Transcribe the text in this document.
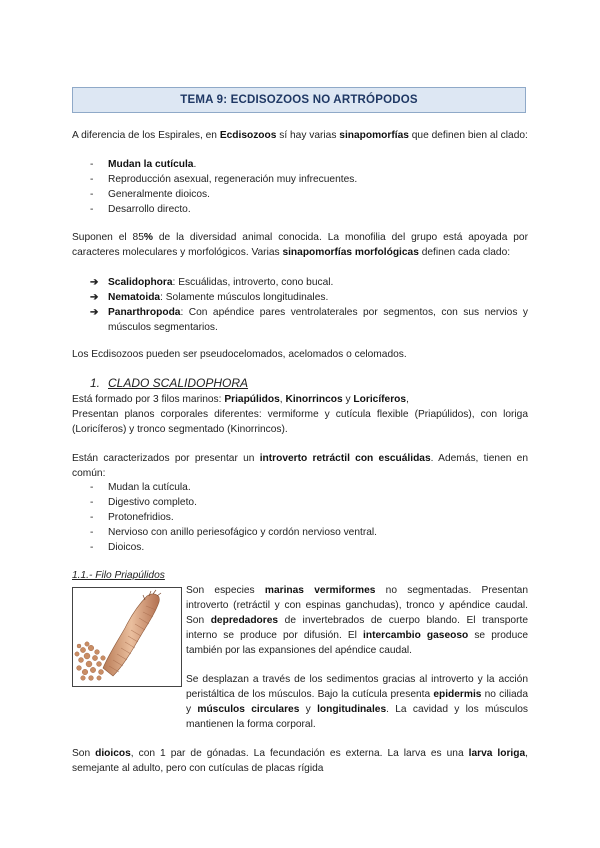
TEMA 9: ECDISOZOOS NO ARTRÓPODOS
A diferencia de los Espirales, en Ecdisozoos sí hay varias sinapomorfías que definen bien al clado:
- Mudan la cutícula.
- Reproducción asexual, regeneración muy infrecuentes.
- Generalmente dioicos.
- Desarrollo directo.
Suponen el 85% de la diversidad animal conocida. La monofilia del grupo está apoyada por caracteres moleculares y morfológicos. Varias sinapomorfías morfológicas definen cada clado:
➔ Scalidophora: Escuálidas, introverto, cono bucal.
➔ Nematoida: Solamente músculos longitudinales.
➔ Panarthropoda: Con apéndice pares ventrolaterales por segmentos, con sus nervios y músculos segmentarios.
Los Ecdisozoos pueden ser pseudocelomados, acelomados o celomados.
1. CLADO SCALIDOPHORA
Está formado por 3 filos marinos: Priapúlidos, Kinorrincos y Loricíferos,
Presentan planos corporales diferentes: vermiforme y cutícula flexible (Priapúlidos), con loriga (Loricíferos) y tronco segmentado (Kinorrincos).
Están caracterizados por presentar un introverto retráctil con escuálidas. Además, tienen en común:
- Mudan la cutícula.
- Digestivo completo.
- Protonefridios.
- Nervioso con anillo periesofágico y cordón nervioso ventral.
- Dioicos.
1.1.- Filo Priapúlidos
Son especies marinas vermiformes no segmentadas. Presentan introverto (retráctil y con espinas ganchudas), tronco y apéndice caudal. Son depredadores de invertebrados de cuerpo blando. El transporte interno se produce por difusión. El intercambio gaseoso se produce también por las expansiones del apéndice caudal.
Se desplazan a través de los sedimentos gracias al introverto y la acción peristáltica de los músculos. Bajo la cutícula presenta epidermis no ciliada y músculos circulares y longitudinales. La cavidad y los músculos mantienen la forma corporal.
Son dioicos, con 1 par de gónadas. La fecundación es externa. La larva es una larva loriga, semejante al adulto, pero con cutículas de placas rígida
